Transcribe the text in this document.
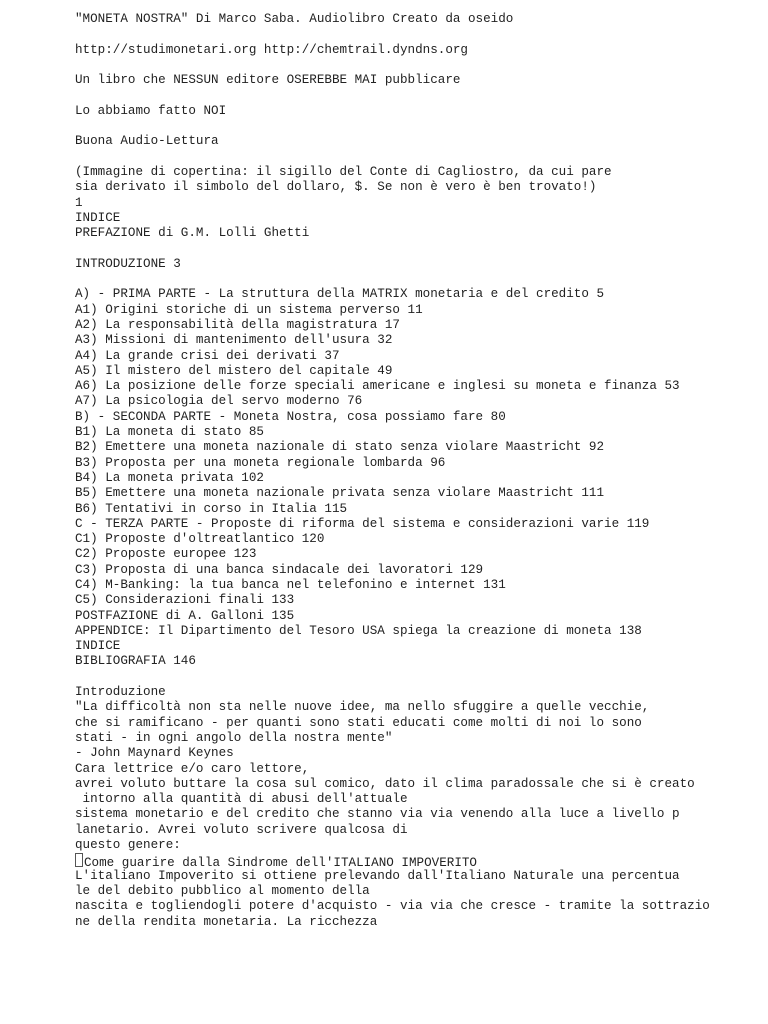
"MONETA NOSTRA" Di Marco Saba. Audiolibro Creato da oseido
http://studimonetari.org http://chemtrail.dyndns.org
Un libro che NESSUN editore OSEREBBE MAI pubblicare
Lo abbiamo fatto NOI
Buona Audio-Lettura
(Immagine di copertina: il sigillo del Conte di Cagliostro, da cui pare
sia derivato il simbolo del dollaro, $. Se non è vero è ben trovato!)
1
INDICE
PREFAZIONE di G.M. Lolli Ghetti
INTRODUZIONE 3
A) - PRIMA PARTE - La struttura della MATRIX monetaria e del credito 5
A1) Origini storiche di un sistema perverso 11
A2) La responsabilità della magistratura 17
A3) Missioni di mantenimento dell'usura 32
A4) La grande crisi dei derivati 37
A5) Il mistero del mistero del capitale 49
A6) La posizione delle forze speciali americane e inglesi su moneta e finanza 53
A7) La psicologia del servo moderno 76
B) - SECONDA PARTE - Moneta Nostra, cosa possiamo fare 80
B1) La moneta di stato 85
B2) Emettere una moneta nazionale di stato senza violare Maastricht 92
B3) Proposta per una moneta regionale lombarda 96
B4) La moneta privata 102
B5) Emettere una moneta nazionale privata senza violare Maastricht 111
B6) Tentativi in corso in Italia 115
C - TERZA PARTE - Proposte di riforma del sistema e considerazioni varie 119
C1) Proposte d'oltreatlantico 120
C2) Proposte europee 123
C3) Proposta di una banca sindacale dei lavoratori 129
C4) M-Banking: la tua banca nel telefonino e internet 131
C5) Considerazioni finali 133
POSTFAZIONE di A. Galloni 135
APPENDICE: Il Dipartimento del Tesoro USA spiega la creazione di moneta 138
INDICE
BIBLIOGRAFIA 146
Introduzione
"La difficoltà non sta nelle nuove idee, ma nello sfuggire a quelle vecchie,
che si ramificano - per quanti sono stati educati come molti di noi lo sono
stati - in ogni angolo della nostra mente"
- John Maynard Keynes
Cara lettrice e/o caro lettore,
avrei voluto buttare la cosa sul comico, dato il clima paradossale che si è creato
intorno alla quantità di abusi dell'attuale
sistema monetario e del credito che stanno via via venendo alla luce a livello p
lanetario. Avrei voluto scrivere qualcosa di
questo genere:
Come guarire dalla Sindrome dell'ITALIANO IMPOVERITO
L'italiano Impoverito si ottiene prelevando dall'Italiano Naturale una percentua
le del debito pubblico al momento della
nascita e togliendogli potere d'acquisto - via via che cresce - tramite la sottrazio
ne della rendita monetaria. La ricchezza
